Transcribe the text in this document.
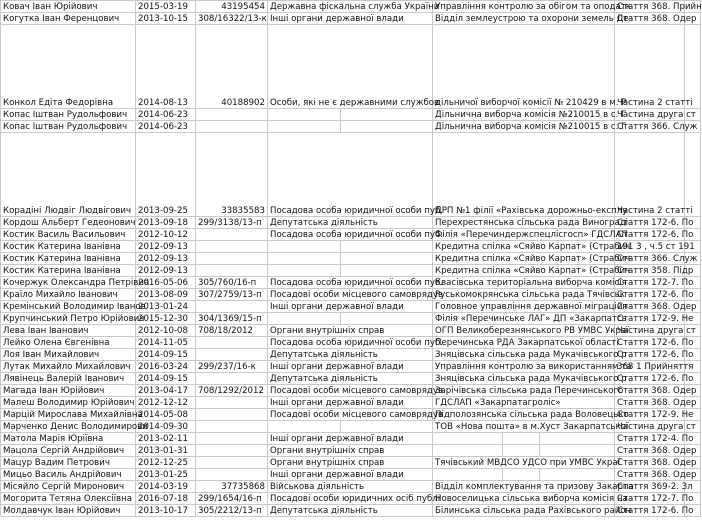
Ковач Іван Юрійович	2015-03-19	43195454	Державна фіскальна служба України	Управління контролю за обігом та оподатк	Стаття 368. Прийн	
Когутка Іван Ференцович	2013-10-15	308/16322/13-к	Інші органи державної влади	Відділ землеустрою та охорони земель Де	Стаття 368. Одер	
Конкол Едіта Федорівна	2014-08-13	40188902	Особи, які не є державними службов	дільничої виборчої комісії № 210429 в м. Р	Частина 2 статті	
Копас Іштван Рудольфович	2014-06-23			Дільнична виборча комісія №210015 в с. Г	Частина друга ст	
Копас Іштван Рудольфович	2014-06-23			Дільнична виборча комісія №210015 в с. Г	Стаття 366. Служ	
Корадіні Людвіг Людвігович	2013-09-25	33835583	Посадова особа юридичної особи пуб.	ДРП №1 філії «Рахівська дорожньо-експлу	Частина 2 статті	
Кордош Альберт Гедеонович	2013-09-18	299/3138/13-п	Депутатська діяльність	Перехрестянська сільська рада Виноградi	Стаття 172-6. По	
Костик Василь Васильович	2012-10-12		Посадова особа юридичної особи пуб.	Філія «Перечиндержспецлісгосп» ГДСЛАП	Стаття 172-6. По	
Костик Катерина Іванівна	2012-09-13			Кредитна спілка «Сяйво Карпат» (Страбич	191 3 , ч.5 ст 191	
Костик Катерина Іванівна	2012-09-13			Кредитна спілка «Сяйво Карпат» (Страбич	Стаття 366. Служ	
Костик Катерина Іванівна	2012-09-13			Кредитна спілка «Сяйво Карпат» (Страбич	Стаття 358. Підр	
Кочержук Олександра Петрівна	2016-05-06	305/760/16-п	Посадова особа юридичної особи пуб.	Квасівська територіальна виборча комісія	Стаття 172-7. По	
Країло Михайло Іванович	2013-08-09	307/2759/13-п	Посадові особи місцевого самоврядув	Руськомокрянська сільська рада Тячівськ	Стаття 172-6. По	
Кремінський Володимир Іванов	2013-01-24		Інші органи державної влади	Головное управління державної міграційн	Стаття 368. Одер	
Крупчинський Петро Юрійович	2015-12-30	304/1369/15-п		Філія «Перечинське ЛАГ» ДП «Закарпатсь	Стаття 172-9. Не	
Лева Іван Іванович	2012-10-08	708/18/2012	Органи внутрішніх справ	ОГП Великоберезнянського РВ УМВС Украї	Частина друга ст	
Лейко Олена Євгенівна	2014-11-05		Посадова особа юридичної особи пуб.	Перечинська РДА Закарпатської області	Стаття 172-6. По	
Лоя Іван Михайлович	2014-09-15		Депутатська діяльність	Зняцівська сільська рада Мукачівського р	Стаття 172-6. По	
Лутак Михайло Михайлович	2016-03-24	299/237/16-к	Інші органи державної влади	Управління контролю за використанням та	368 1 Прийняття	
Лявінець Валерій Іванович	2014-09-15		Депутатська діяльність	Зняцівська сільська рада Мукачівського р	Стаття 172-6. По	
Магада Іван Юрійович	2013-04-17	708/1292/2012	Посадові особи місцевого самоврядув	Зарічівська сільська рада Перечинського	Стаття 368. Одер	
Малеш Володимир Юрійович	2012-12-12		Інші органи державної влади	ГДСЛАП «Закарпатагроліс»	Стаття 368. Одер	
Марцій Мирослава Михайлівна	2014-05-08		Посадові особи місцевого самоврядув	Підполозянська сільська рада Воловецько	Стаття 172-9. Не	
Марченко Денис Володимирови	2014-09-30			ТОВ «Нова пошта» в м.Хуст Закарпатської	Частина друга ст	
Матола Марія Юріївна	2013-02-11		Інші органи державної влади		Стаття 172-4. По	
Мацола Сергій Андрійович	2013-01-31		Органи внутрішніх справ		Стаття 368. Одер	
Мацур Вадим Петрович	2012-12-25		Органи внутрішніх справ	Тячівський МВДСО УДСО при УМВС Украї	Стаття 368. Одер	
Мицьо Василь Андрійович	2013-01-25		Інші органи державної влади		Стаття 368. Одер	
Місяйло Сергій Миронович	2014-03-19	37735868	Військова діяльність	Відділ комплектування та призову Закарпа	Стаття 369-2. Зл	
Могорита Тетяна Олексіївна	2016-07-18	299/1654/16-п	Посадові особи юридичних осіб публі	Новоселицька сільська виборча комісія на	Стаття 172-7. По	
Молдавчук Іван Юрійович	2013-10-17	305/2212/13-п	Депутатська діяльність	Білинська сільська рада Рахівського район	Стаття 172-6. По	
